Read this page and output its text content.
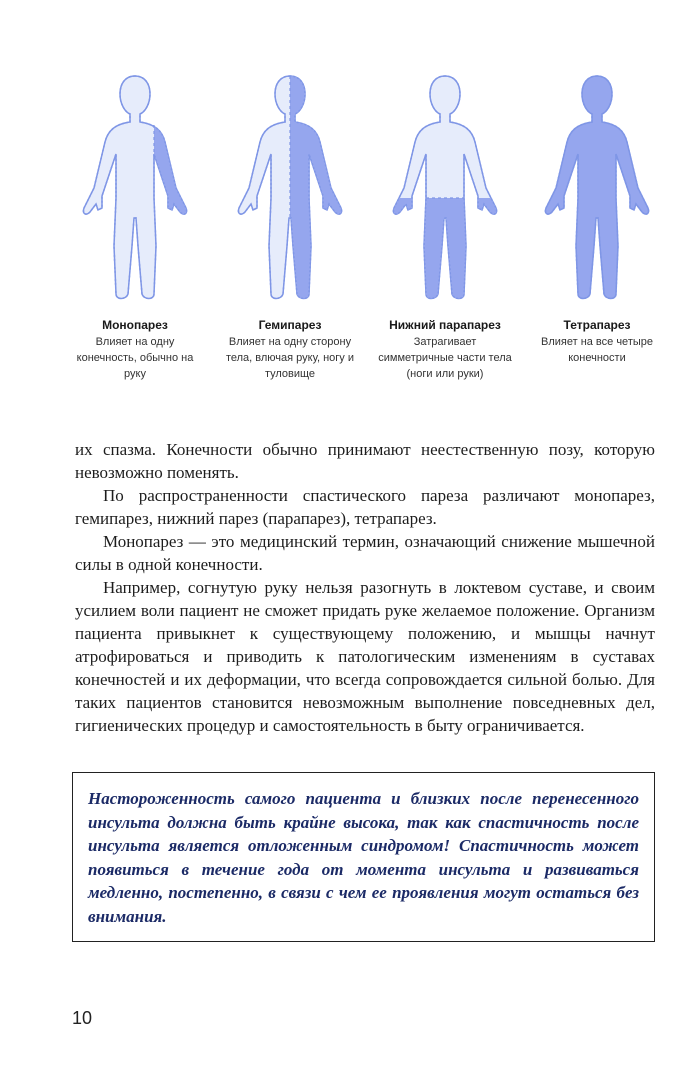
Монопарез
Влияет на одну конечность, обычно на руку
Гемипарез
Влияет на одну сторону тела, влючая руку, ногу и туловище
Нижний парапарез
Затрагивает симметричные части тела (ноги или руки)
Тетрапарез
Влияет на все четыре конечности

их спазма. Конечности обычно принимают неестественную позу, которую невозможно поменять.

По распространенности спастического пареза различают монопарез, гемипарез, нижний парез (парапарез), тетрапарез.

Монопарез — это медицинский термин, означающий снижение мышечной силы в одной конечности.

Например, согнутую руку нельзя разогнуть в локтевом суставе, и своим усилием воли пациент не сможет придать руке желаемое положение. Организм пациента привыкнет к существующему положению, и мышцы начнут атрофироваться и приводить к патологическим изменениям в суставах конечностей и их деформации, что всегда сопровождается сильной болью. Для таких пациентов становится невозможным выполнение повседневных дел, гигиенических процедур и самостоятельность в быту ограничивается.

Настороженность самого пациента и близких после перенесенного инсульта должна быть крайне высока, так как спастичность после инсульта является отложенным синдромом! Спастичность может появиться в течение года от момента инсульта и развиваться медленно, постепенно, в связи с чем ее проявления могут остаться без внимания.
10
